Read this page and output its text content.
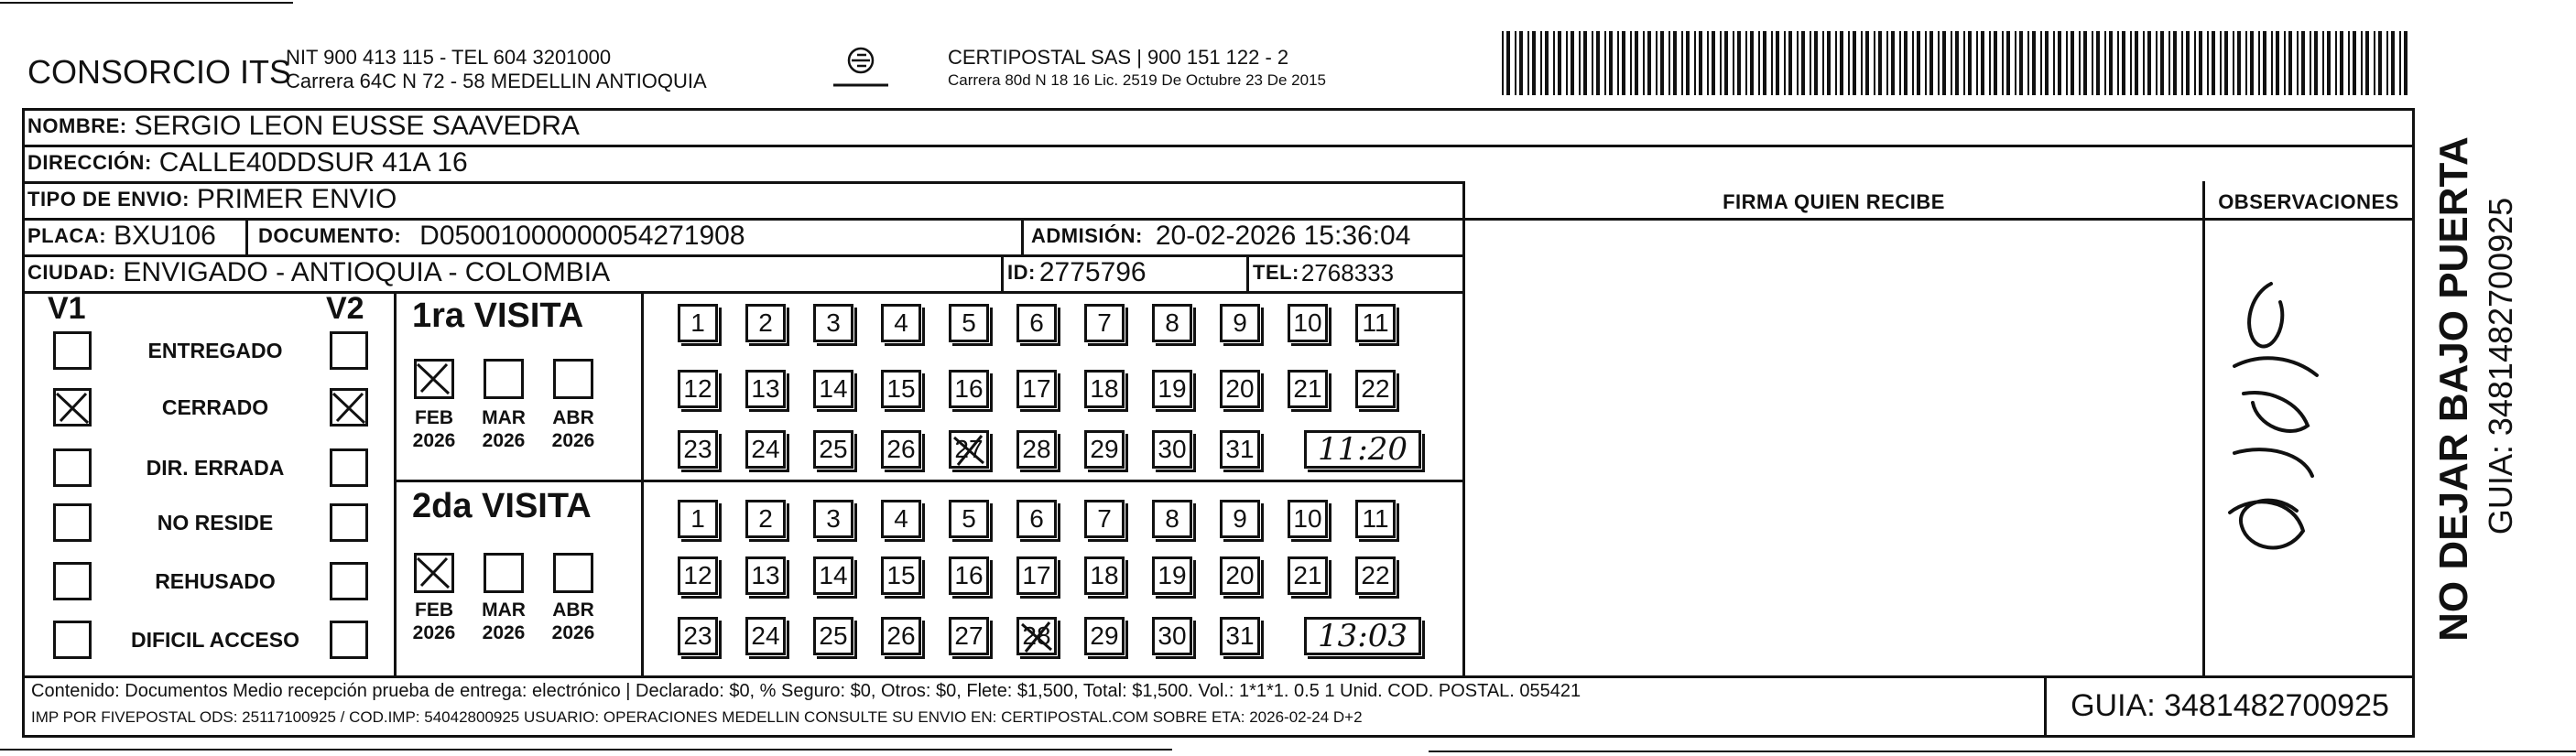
CONSORCIO ITS
NIT 900 413 115 - TEL 604 3201000
Carrera 64C N 72 - 58 MEDELLIN ANTIOQUIA
CERTIPOSTAL SAS | 900 151 122 - 2
Carrera 80d N 18 16 Lic. 2519 De Octubre 23 De 2015
NOMBRE: SERGIO LEON EUSSE SAAVEDRA
DIRECCIÓN: CALLE40DDSUR 41A 16
TIPO DE ENVIO: PRIMER ENVIO	FIRMA QUIEN RECIBE	OBSERVACIONES
PLACA: BXU106 DOCUMENTO: D05001000000054271908	ADMISIÓN: 20-02-2026 15:36:04
CIUDAD: ENVIGADO - ANTIOQUIA - COLOMBIA	ID: 2775796	TEL: 2768333
V1	V2
ENTREGADO
CERRADO
DIR. ERRADA
NO RESIDE
REHUSADO
DIFICIL ACCESO
1ra VISITA
2da VISITA
FEB
2026
MAR
2026
ABR
2026
FEB
2026
MAR
2026
ABR
2026
1	2	3	4	5	6	7	8	9	10 11
12 13 14 15 16 17 18 19 20 21 22
23 24 25 26 27 28 29 30 31	11:20
1	2	3	4	5	6	7	8	9	10 11
12 13 14 15 16 17 18 19 20 21 22
23 24 25 26 27 28 29 30 31	13:03	NO DEJAR BAJO PUERTA GUIA: 3481482700925
Contenido: Documentos Medio recepción prueba de entrega: electrónico | Declarado: $0, % Seguro: $0, Otros: $0, Flete: $1,500, Total: $1,500. Vol.: 1*1*1. 0.5 1 Unid. COD. POSTAL. 055421
IMP POR FIVEPOSTAL ODS: 25117100925 / COD.IMP: 54042800925 USUARIO: OPERACIONES MEDELLIN CONSULTE SU ENVIO EN: CERTIPOSTAL.COM SOBRE ETA: 2026-02-24 D+2	GUIA: 3481482700925
